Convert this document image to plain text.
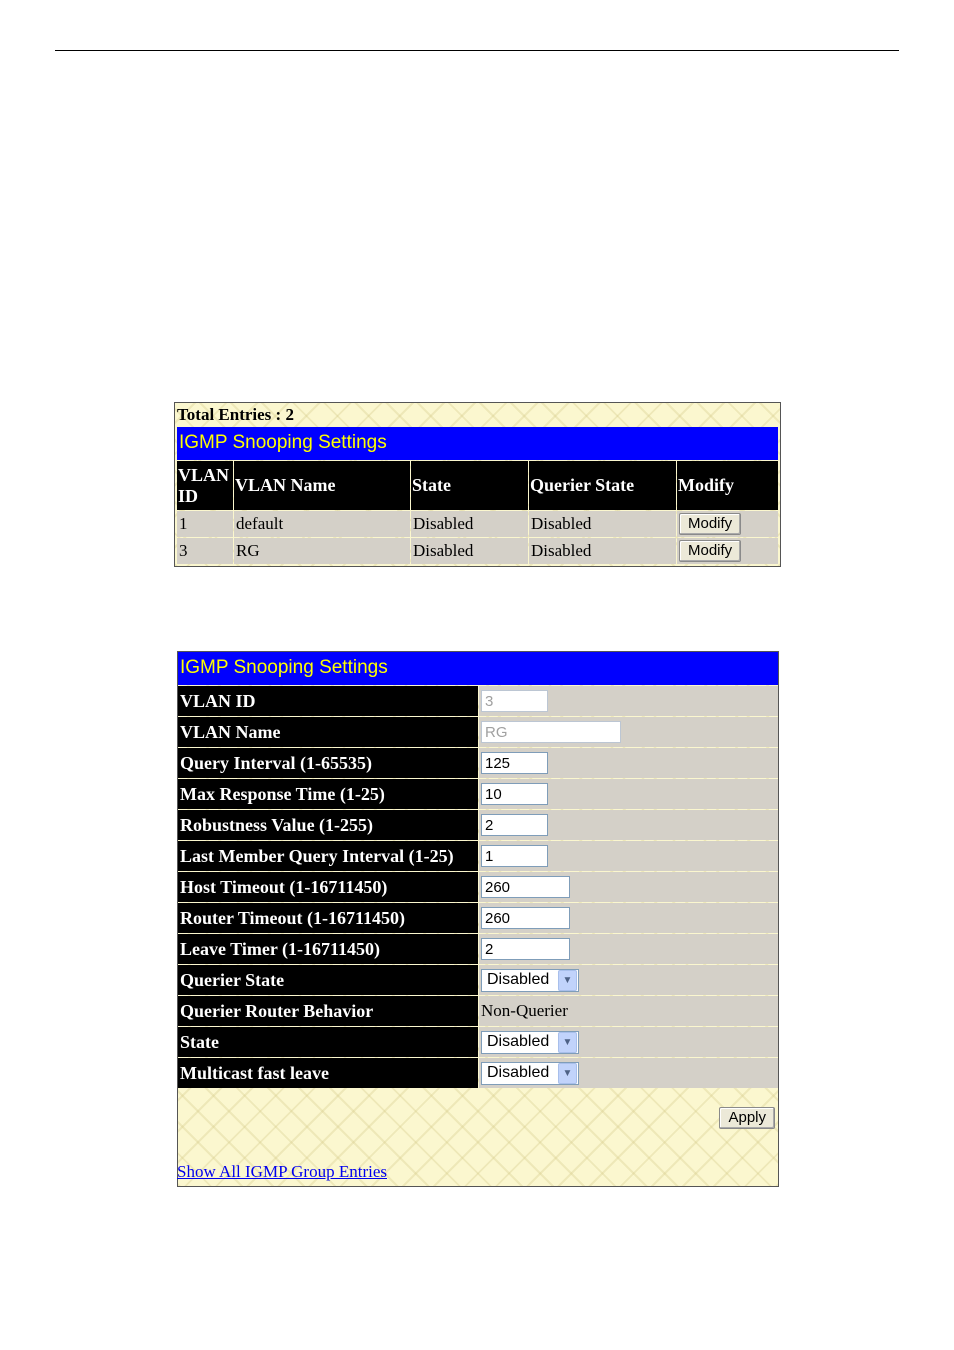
Total Entries : 2
IGMP Snooping Settings
VLAN ID	VLAN Name	State	Querier State	Modify
1	default	Disabled	Disabled	Modify
3	RG	Disabled	Disabled	Modify
IGMP Snooping Settings
VLAN ID	3
VLAN Name	RG
Query Interval (1-65535)	125
Max Response Time (1-25)	10
Robustness Value (1-255)	2
Last Member Query Interval (1-25)	1
Host Timeout (1-16711450)	260
Router Timeout (1-16711450)	260
Leave Timer (1-16711450)	2
Querier State	Disabled ▼

Querier Router Behavior	Non-Querier
State	Disabled ▼

Multicast fast leave	Disabled ▼
Apply
Show All IGMP Group Entries
